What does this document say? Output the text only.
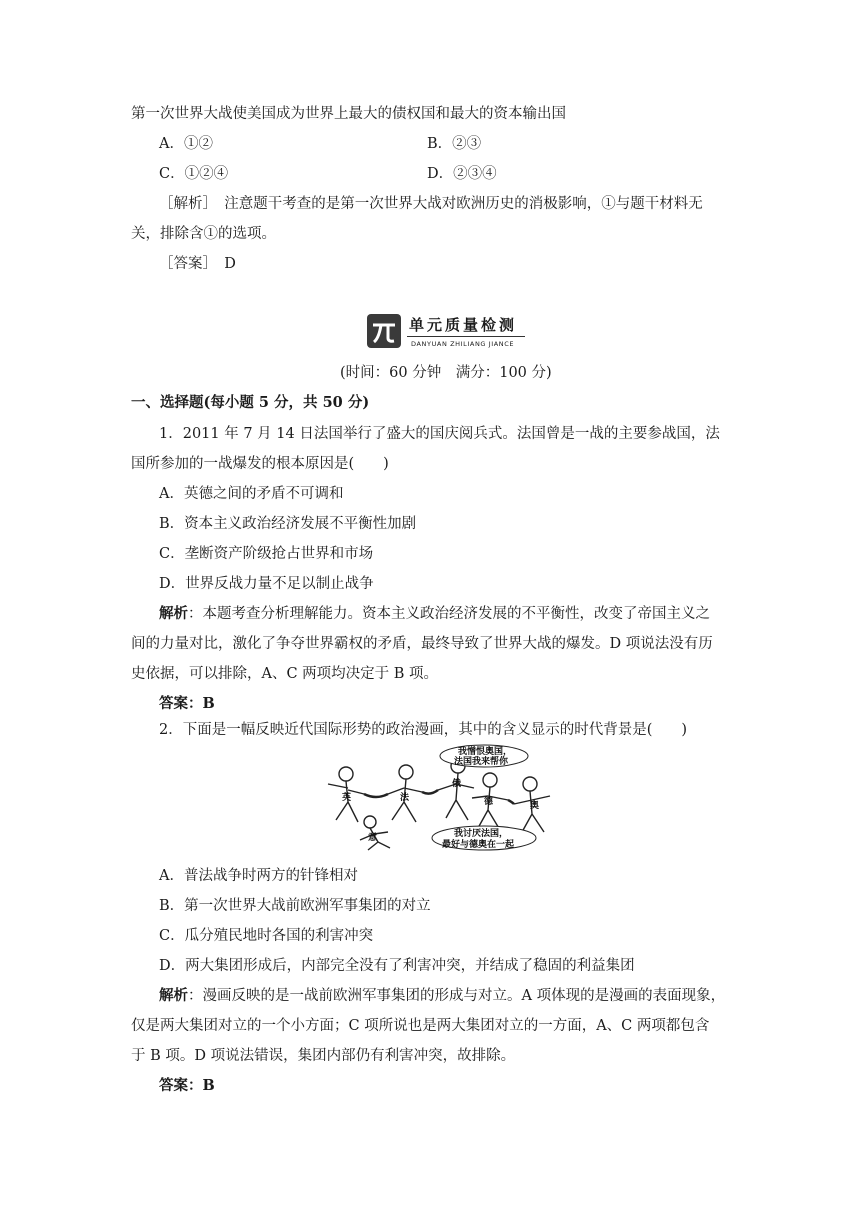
第一次世界大战使美国成为世界上最大的债权国和最大的资本输出国
A．①②	B．②③
C．①②④	D．②③④
［解析］　注意题干考查的是第一次世界大战对欧洲历史的消极影响，①与题干材料无
关，排除含①的选项。
［答案］　D
单元质量检测
DANYUAN ZHILIANG JIANCE
(时间：60 分钟　满分：100 分)
一、选择题(每小题 5 分，共 50 分)
1．2011 年 7 月 14 日法国举行了盛大的国庆阅兵式。法国曾是一战的主要参战国，法
国所参加的一战爆发的根本原因是(　　)
A．英德之间的矛盾不可调和
B．资本主义政治经济发展不平衡性加剧
C．垄断资产阶级抢占世界和市场
D．世界反战力量不足以制止战争
解析：本题考查分析理解能力。资本主义政治经济发展的不平衡性，改变了帝国主义之
间的力量对比，激化了争夺世界霸权的矛盾，最终导致了世界大战的爆发。D 项说法没有历
史依据，可以排除，A、C 两项均决定于 B 项。
答案：B
2．下面是一幅反映近代国际形势的政治漫画，其中的含义显示的时代背景是(　　)
我憎恨奥国，
法国我来帮你
我讨厌法国，
最好与德奥在一起
英	法
俄
德	奥
意
A．普法战争时两方的针锋相对
B．第一次世界大战前欧洲军事集团的对立
C．瓜分殖民地时各国的利害冲突
D．两大集团形成后，内部完全没有了利害冲突，并结成了稳固的利益集团
解析：漫画反映的是一战前欧洲军事集团的形成与对立。A 项体现的是漫画的表面现象，
仅是两大集团对立的一个小方面；C 项所说也是两大集团对立的一方面，A、C 两项都包含
于 B 项。D 项说法错误，集团内部仍有利害冲突，故排除。
答案：B
